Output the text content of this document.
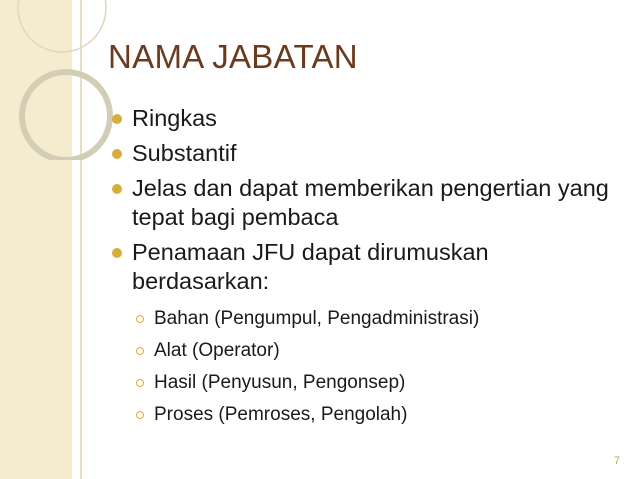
NAMA JABATAN
Ringkas
Substantif
Jelas dan dapat memberikan pengertian yang tepat bagi pembaca
Penamaan JFU dapat dirumuskan berdasarkan:
Bahan (Pengumpul, Pengadministrasi)
Alat (Operator)
Hasil (Penyusun, Pengonsep)
Proses (Pemroses, Pengolah)
7
